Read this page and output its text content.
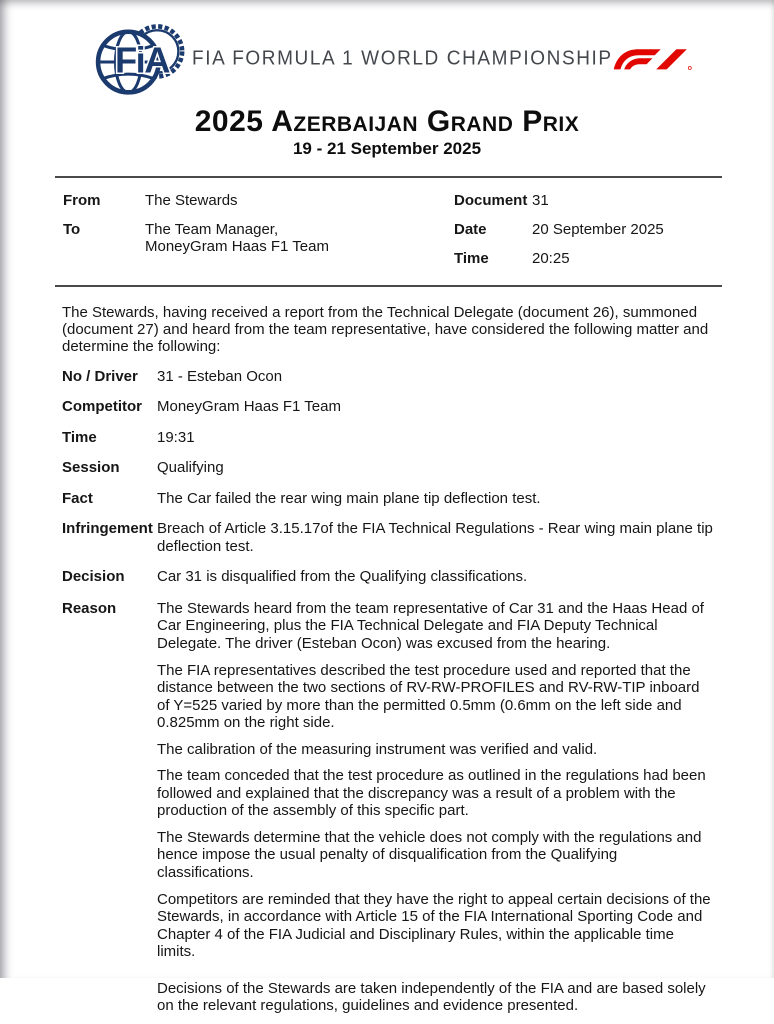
FiA FIA FORMULA 1 WORLD CHAMPIONSHIP
2025 Azerbaijan Grand Prix
19 - 21 September 2025
From	The Stewards
To	The Team Manager,
MoneyGram Haas F1 Team
Document 31
Date	20 September 2025
Time	20:25

The Stewards, having received a report from the Technical Delegate (document 26), summoned (document 27) and heard from the team representative, have considered the following matter and determine the following:

No / Driver	31 - Esteban Ocon
Competitor	MoneyGram Haas F1 Team
Time	19:31
Session	Qualifying
Fact	The Car failed the rear wing main plane tip deflection test.
Infringement Breach of Article 3.15.17of the FIA Technical Regulations - Rear wing main plane tip deflection test.
Decision	Car 31 is disqualified from the Qualifying classifications.
Reason	The Stewards heard from the team representative of Car 31 and the Haas Head of Car Engineering, plus the FIA Technical Delegate and FIA Deputy Technical Delegate. The driver (Esteban Ocon) was excused from the hearing.

The FIA representatives described the test procedure used and reported that the distance between the two sections of RV-RW-PROFILES and RV-RW-TIP inboard of Y=525 varied by more than the permitted 0.5mm (0.6mm on the left side and 0.825mm on the right side.

The calibration of the measuring instrument was verified and valid.

The team conceded that the test procedure as outlined in the regulations had been followed and explained that the discrepancy was a result of a problem with the production of the assembly of this specific part.

The Stewards determine that the vehicle does not comply with the regulations and hence impose the usual penalty of disqualification from the Qualifying classifications.

Competitors are reminded that they have the right to appeal certain decisions of the Stewards, in accordance with Article 15 of the FIA International Sporting Code and Chapter 4 of the FIA Judicial and Disciplinary Rules, within the applicable time limits.

Decisions of the Stewards are taken independently of the FIA and are based solely on the relevant regulations, guidelines and evidence presented.
